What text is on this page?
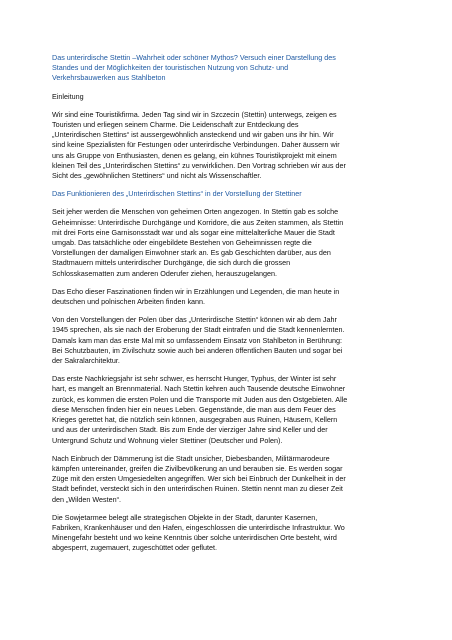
Das unterirdische Stettin –Wahrheit oder schöner Mythos? Versuch einer Darstellung des
Standes und der Möglichkeiten der touristischen Nutzung von Schutz- und
Verkehrsbauwerken aus Stahlbeton
Einleitung
Wir sind eine Touristikfirma. Jeden Tag sind wir in Szczecin (Stettin) unterwegs, zeigen es
Touristen und erliegen seinem Charme. Die Leidenschaft zur Entdeckung des
„Unterirdischen Stettins“ ist aussergewöhnlich ansteckend und wir gaben uns ihr hin. Wir
sind keine Spezialisten für Festungen oder unterirdische Verbindungen. Daher äussern wir
uns als Gruppe von Enthusiasten, denen es gelang, ein kühnes Touristikprojekt mit einem
kleinen Teil des „Unterirdischen Stettins“ zu verwirklichen. Den Vortrag schrieben wir aus der
Sicht des „gewöhnlichen Stettiners“ und nicht als Wissenschaftler.
Das Funktionieren des „Unterirdischen Stettins“ in der Vorstellung der Stettiner
Seit jeher werden die Menschen von geheimen Orten angezogen. In Stettin gab es solche
Geheimnisse: Unterirdische Durchgänge und Korridore, die aus Zeiten stammen, als Stettin
mit drei Forts eine Garnisonsstadt war und als sogar eine mittelalterliche Mauer die Stadt
umgab. Das tatsächliche oder eingebildete Bestehen von Geheimnissen regte die
Vorstellungen der damaligen Einwohner stark an. Es gab Geschichten darüber, aus den
Stadtmauern mittels unterirdischer Durchgänge, die sich durch die grossen
Schlosskasematten zum anderen Oderufer ziehen, herauszugelangen.
Das Echo dieser Faszinationen finden wir in Erzählungen und Legenden, die man heute in
deutschen und polnischen Arbeiten finden kann.
Von den Vorstellungen der Polen über das „Unterirdische Stettin“ können wir ab dem Jahr
1945 sprechen, als sie nach der Eroberung der Stadt eintrafen und die Stadt kennenlernten.
Damals kam man das erste Mal mit so umfassendem Einsatz von Stahlbeton in Berührung:
Bei Schutzbauten, im Zivilschutz sowie auch bei anderen öffentlichen Bauten und sogar bei
der Sakralarchitektur.
Das erste Nachkriegsjahr ist sehr schwer, es herrscht Hunger, Typhus, der Winter ist sehr
hart, es mangelt an Brennmaterial. Nach Stettin kehren auch Tausende deutsche Einwohner
zurück, es kommen die ersten Polen und die Transporte mit Juden aus den Ostgebieten. Alle
diese Menschen finden hier ein neues Leben. Gegenstände, die man aus dem Feuer des
Krieges gerettet hat, die nützlich sein können, ausgegraben aus Ruinen, Häusern, Kellern
und aus der unterirdischen Stadt. Bis zum Ende der vierziger Jahre sind Keller und der
Untergrund Schutz und Wohnung vieler Stettiner (Deutscher und Polen).
Nach Einbruch der Dämmerung ist die Stadt unsicher, Diebesbanden, Militärmarodeure
kämpfen untereinander, greifen die Zivilbevölkerung an und berauben sie. Es werden sogar
Züge mit den ersten Umgesiedelten angegriffen. Wer sich bei Einbruch der Dunkelheit in der
Stadt befindet, versteckt sich in den unterirdischen Ruinen. Stettin nennt man zu dieser Zeit
den „Wilden Westen“.
Die Sowjetarmee belegt alle strategischen Objekte in der Stadt, darunter Kasernen,
Fabriken, Krankenhäuser und den Hafen, eingeschlossen die unterirdische Infrastruktur. Wo
Minengefahr besteht und wo keine Kenntnis über solche unterirdischen Orte besteht, wird
abgesperrt, zugemauert, zugeschüttet oder geflutet.
